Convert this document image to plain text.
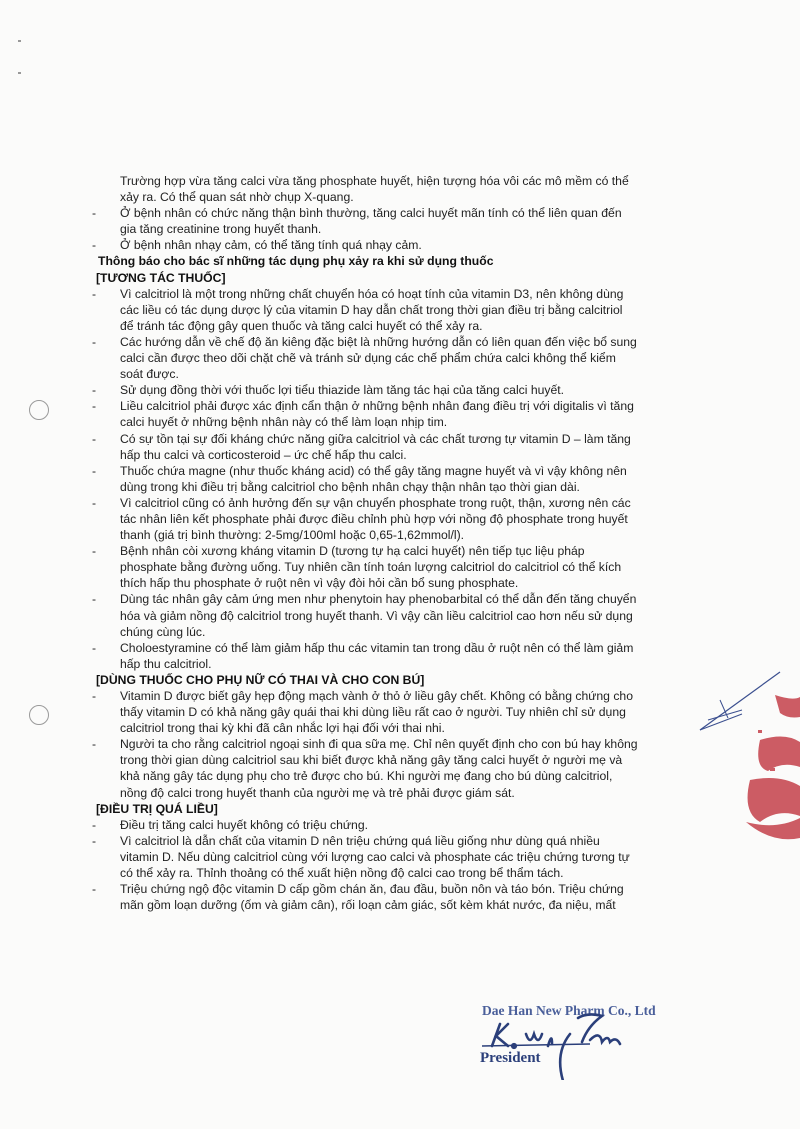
Trường hợp vừa tăng calci vừa tăng phosphate huyết, hiện tượng hóa vôi các mô mềm có thể
xảy ra. Có thể quan sát nhờ chụp X-quang.
- Ở bệnh nhân có chức năng thận bình thường, tăng calci huyết mãn tính có thể liên quan đến
gia tăng creatinine trong huyết thanh.
- Ở bệnh nhân nhạy cảm, có thể tăng tính quá nhạy cảm.
Thông báo cho bác sĩ những tác dụng phụ xảy ra khi sử dụng thuốc
[TƯƠNG TÁC THUỐC]
- Vì calcitriol là một trong những chất chuyển hóa có hoạt tính của vitamin D3, nên không dùng
các liều có tác dụng dược lý của vitamin D hay dẫn chất trong thời gian điều trị bằng calcitriol
để tránh tác động gây quen thuốc và tăng calci huyết có thể xảy ra.
- Các hướng dẫn về chế độ ăn kiêng đặc biệt là những hướng dẫn có liên quan đến việc bổ sung
calci cần được theo dõi chặt chẽ và tránh sử dụng các chế phẩm chứa calci không thể kiểm
soát được.
- Sử dụng đồng thời với thuốc lợi tiểu thiazide làm tăng tác hại của tăng calci huyết.
- Liều calcitriol phải được xác định cẩn thận ở những bệnh nhân đang điều trị với digitalis vì tăng
calci huyết ở những bệnh nhân này có thể làm loạn nhịp tim.
- Có sự tồn tại sự đối kháng chức năng giữa calcitriol và các chất tương tự vitamin D – làm tăng
hấp thu calci và corticosteroid – ức chế hấp thu calci.
- Thuốc chứa magne (như thuốc kháng acid) có thể gây tăng magne huyết và vì vậy không nên
dùng trong khi điều trị bằng calcitriol cho bệnh nhân chạy thận nhân tạo thời gian dài.
- Vì calcitriol cũng có ảnh hưởng đến sự vận chuyển phosphate trong ruột, thận, xương nên các
tác nhân liên kết phosphate phải được điều chỉnh phù hợp với nồng độ phosphate trong huyết
thanh (giá trị bình thường: 2-5mg/100ml hoặc 0,65-1,62mmol/l).
- Bệnh nhân còi xương kháng vitamin D (tương tự hạ calci huyết) nên tiếp tục liệu pháp
phosphate bằng đường uống. Tuy nhiên cần tính toán lượng calcitriol do calcitriol có thể kích
thích hấp thu phosphate ở ruột nên vì vậy đòi hỏi cần bổ sung phosphate.
- Dùng tác nhân gây cảm ứng men như phenytoin hay phenobarbital có thể dẫn đến tăng chuyển
hóa và giảm nồng độ calcitriol trong huyết thanh. Vì vậy cần liều calcitriol cao hơn nếu sử dụng
chúng cùng lúc.
- Choloestyramine có thể làm giảm hấp thu các vitamin tan trong dầu ở ruột nên có thể làm giảm
hấp thu calcitriol.
[DÙNG THUỐC CHO PHỤ NỮ CÓ THAI VÀ CHO CON BÚ]
- Vitamin D được biết gây hẹp động mạch vành ở thỏ ở liều gây chết. Không có bằng chứng cho
thấy vitamin D có khả năng gây quái thai khi dùng liều rất cao ở người. Tuy nhiên chỉ sử dụng
calcitriol trong thai kỳ khi đã cân nhắc lợi hại đối với thai nhi.
- Người ta cho rằng calcitriol ngoại sinh đi qua sữa mẹ. Chỉ nên quyết định cho con bú hay không
trong thời gian dùng calcitriol sau khi biết được khả năng gây tăng calci huyết ở người mẹ và
khả năng gây tác dụng phụ cho trẻ được cho bú. Khi người mẹ đang cho bú dùng calcitriol,
nồng độ calci trong huyết thanh của người mẹ và trẻ phải được giám sát.
[ĐIỀU TRỊ QUÁ LIỀU]
- Điều trị tăng calci huyết không có triệu chứng.
- Vì calcitriol là dẫn chất của vitamin D nên triệu chứng quá liều giống như dùng quá nhiều
vitamin D. Nếu dùng calcitriol cùng với lượng cao calci và phosphate các triệu chứng tương tự
có thể xảy ra. Thỉnh thoảng có thể xuất hiện nồng độ calci cao trong bể thẩm tách.
- Triệu chứng ngộ độc vitamin D cấp gồm chán ăn, đau đầu, buồn nôn và táo bón. Triệu chứng
mãn gồm loạn dưỡng (ốm và giảm cân), rối loạn cảm giác, sốt kèm khát nước, đa niệu, mất
Dae Han New Pharm Co., Ltd
President
